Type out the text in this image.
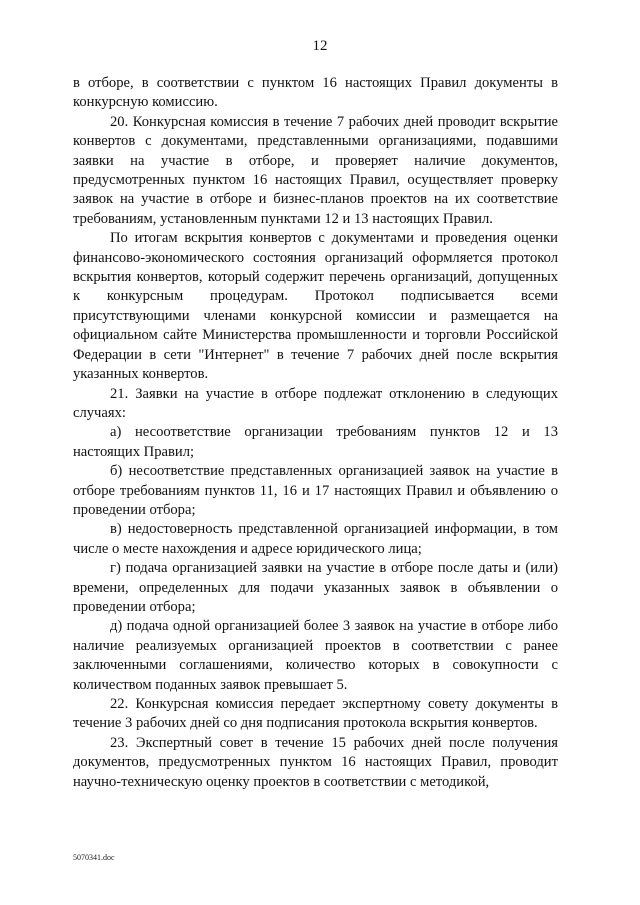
12

в отборе, в соответствии с пунктом 16 настоящих Правил документы в конкурсную комиссию.

20. Конкурсная комиссия в течение 7 рабочих дней проводит вскрытие конвертов с документами, представленными организациями, подавшими заявки на участие в отборе, и проверяет наличие документов, предусмотренных пунктом 16 настоящих Правил, осуществляет проверку заявок на участие в отборе и бизнес-планов проектов на их соответствие требованиям, установленным пунктами 12 и 13 настоящих Правил.

По итогам вскрытия конвертов с документами и проведения оценки финансово-экономического состояния организаций оформляется протокол вскрытия конвертов, который содержит перечень организаций, допущенных к конкурсным процедурам. Протокол подписывается всеми присутствующими членами конкурсной комиссии и размещается на официальном сайте Министерства промышленности и торговли Российской Федерации в сети "Интернет" в течение 7 рабочих дней после вскрытия указанных конвертов.

21. Заявки на участие в отборе подлежат отклонению в следующих случаях:

а) несоответствие организации требованиям пунктов 12 и 13 настоящих Правил;

б) несоответствие представленных организацией заявок на участие в отборе требованиям пунктов 11, 16 и 17 настоящих Правил и объявлению о проведении отбора;

в) недостоверность представленной организацией информации, в том числе о месте нахождения и адресе юридического лица;

г) подача организацией заявки на участие в отборе после даты и (или) времени, определенных для подачи указанных заявок в объявлении о проведении отбора;

д) подача одной организацией более 3 заявок на участие в отборе либо наличие реализуемых организацией проектов в соответствии с ранее заключенными соглашениями, количество которых в совокупности с количеством поданных заявок превышает 5.

22. Конкурсная комиссия передает экспертному совету документы в течение 3 рабочих дней со дня подписания протокола вскрытия конвертов.

23. Экспертный совет в течение 15 рабочих дней после получения документов, предусмотренных пунктом 16 настоящих Правил, проводит научно-техническую оценку проектов в соответствии с методикой,

5070341.doc
